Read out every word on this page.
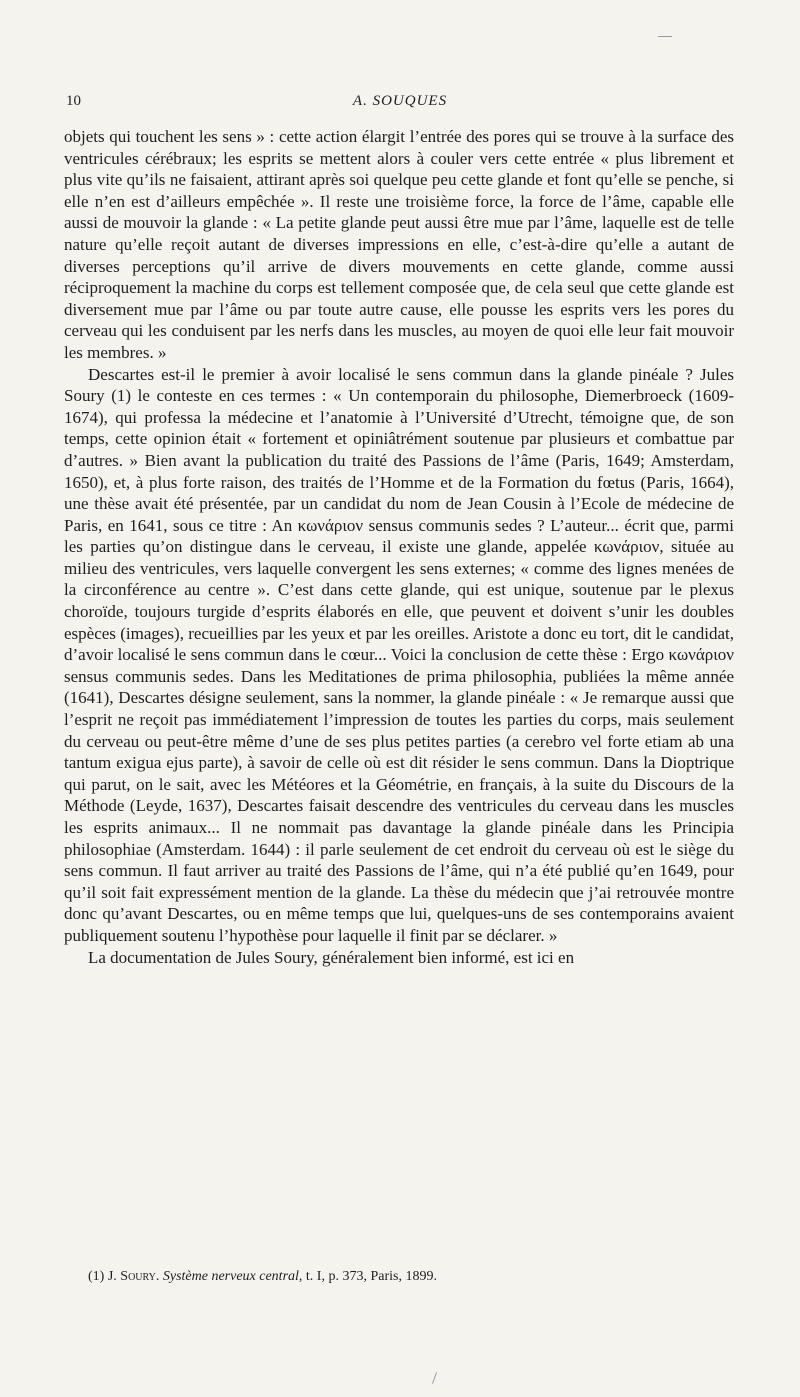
10	A. SOUQUES

objets qui touchent les sens » : cette action élargit l’entrée des pores qui se trouve à la surface des ventricules cérébraux; les esprits se mettent alors à couler vers cette entrée « plus librement et plus vite qu’ils ne faisaient, attirant après soi quelque peu cette glande et font qu’elle se penche, si elle n’en est d’ailleurs empêchée ». Il reste une troisième force, la force de l’âme, capable elle aussi de mouvoir la glande : « La petite glande peut aussi être mue par l’âme, laquelle est de telle nature qu’elle reçoit autant de diverses impressions en elle, c’est-à-dire qu’elle a autant de diverses perceptions qu’il arrive de divers mouvements en cette glande, comme aussi réciproquement la machine du corps est tellement composée que, de cela seul que cette glande est diversement mue par l’âme ou par toute autre cause, elle pousse les esprits vers les pores du cerveau qui les conduisent par les nerfs dans les muscles, au moyen de quoi elle leur fait mouvoir les membres. »

Descartes est-il le premier à avoir localisé le sens commun dans la glande pinéale ? Jules Soury (1) le conteste en ces termes : « Un contemporain du philosophe, Diemerbroeck (1609-1674), qui professa la médecine et l’anatomie à l’Université d’Utrecht, témoigne que, de son temps, cette opinion était « fortement et opiniâtrément soutenue par plusieurs et combattue par d’autres. » Bien avant la publication du traité des Passions de l’âme (Paris, 1649; Amsterdam, 1650), et, à plus forte raison, des traités de l’Homme et de la Formation du fœtus (Paris, 1664), une thèse avait été présentée, par un candidat du nom de Jean Cousin à l’Ecole de médecine de Paris, en 1641, sous ce titre : An κωνάριον sensus communis sedes ? L’auteur... écrit que, parmi les parties qu’on distingue dans le cerveau, il existe une glande, appelée κωνάριον, située au milieu des ventricules, vers laquelle convergent les sens externes; « comme des lignes menées de la circonférence au centre ». C’est dans cette glande, qui est unique, soutenue par le plexus choroïde, toujours turgide d’esprits élaborés en elle, que peuvent et doivent s’unir les doubles espèces (images), recueillies par les yeux et par les oreilles. Aristote a donc eu tort, dit le candidat, d’avoir localisé le sens commun dans le cœur... Voici la conclusion de cette thèse : Ergo κωνάριον sensus communis sedes. Dans les Meditationes de prima philosophia, publiées la même année (1641), Descartes désigne seulement, sans la nommer, la glande pinéale : « Je remarque aussi que l’esprit ne reçoit pas immédiatement l’impression de toutes les parties du corps, mais seulement du cerveau ou peut-être même d’une de ses plus petites parties (a cerebro vel forte etiam ab una tantum exigua ejus parte), à savoir de celle où est dit résider le sens commun. Dans la Dioptrique qui parut, on le sait, avec les Météores et la Géométrie, en français, à la suite du Discours de la Méthode (Leyde, 1637), Descartes faisait descendre des ventricules du cerveau dans les muscles les esprits animaux... Il ne nommait pas davantage la glande pinéale dans les Principia philosophiae (Amsterdam. 1644) : il parle seulement de cet endroit du cerveau où est le siège du sens commun. Il faut arriver au traité des Passions de l’âme, qui n’a été publié qu’en 1649, pour qu’il soit fait expressément mention de la glande. La thèse du médecin que j’ai retrouvée montre donc qu’avant Descartes, ou en même temps que lui, quelques-uns de ses contemporains avaient publiquement soutenu l’hypothèse pour laquelle il finit par se déclarer. »

La documentation de Jules Soury, généralement bien informé, est ici en

(1) J. Soury. Système nerveux central, t. I, p. 373, Paris, 1899.
